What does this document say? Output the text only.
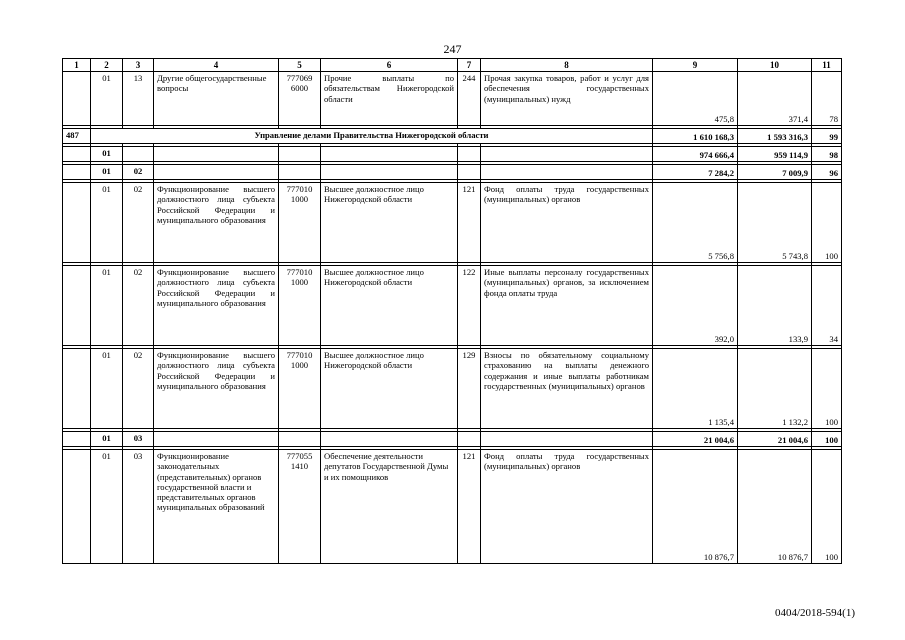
247
1	2	3	4	5	6	7	8	9	10	11
	01	13	Другие общегосударственные вопросы	777069 6000	Прочие выплаты по обязательствам Нижегородской области	244	Прочая закупка товаров, работ и услуг для обеспечения государственных (муниципальных) нужд	475,8	371,4	78

487	Управление делами Правительства Нижегородской области							1 610 168,3	1 593 316,3	99

	01							974 666,4	959 114,9	98

	01	02						7 284,2	7 009,9	96

	01	02	Функционирование высшего должностного лица субъекта Российской Федерации и муниципального образования	777010 1000	Высшее должностное лицо Нижегородской области	121	Фонд оплаты труда государственных (муниципальных) органов	5 756,8	5 743,8	100

	01	02	Функционирование высшего должностного лица субъекта Российской Федерации и муниципального образования	777010 1000	Высшее должностное лицо Нижегородской области	122	Иные выплаты персоналу государственных (муниципальных) органов, за исключением фонда оплаты труда	392,0	133,9	34

	01	02	Функционирование высшего должностного лица субъекта Российской Федерации и муниципального образования	777010 1000	Высшее должностное лицо Нижегородской области	129	Взносы по обязательному социальному страхованию на выплаты денежного содержания и иные выплаты работникам государственных (муниципальных) органов	1 135,4	1 132,2	100

	01	03						21 004,6	21 004,6	100

	01	03	Функционирование законодательных (представительных) органов государственной власти и представительных органов муниципальных образований	777055 1410	Обеспечение деятельности депутатов Государственной Думы и их помощников	121	Фонд оплаты труда государственных (муниципальных) органов	10 876,7	10 876,7	100
0404/2018-594(1)
